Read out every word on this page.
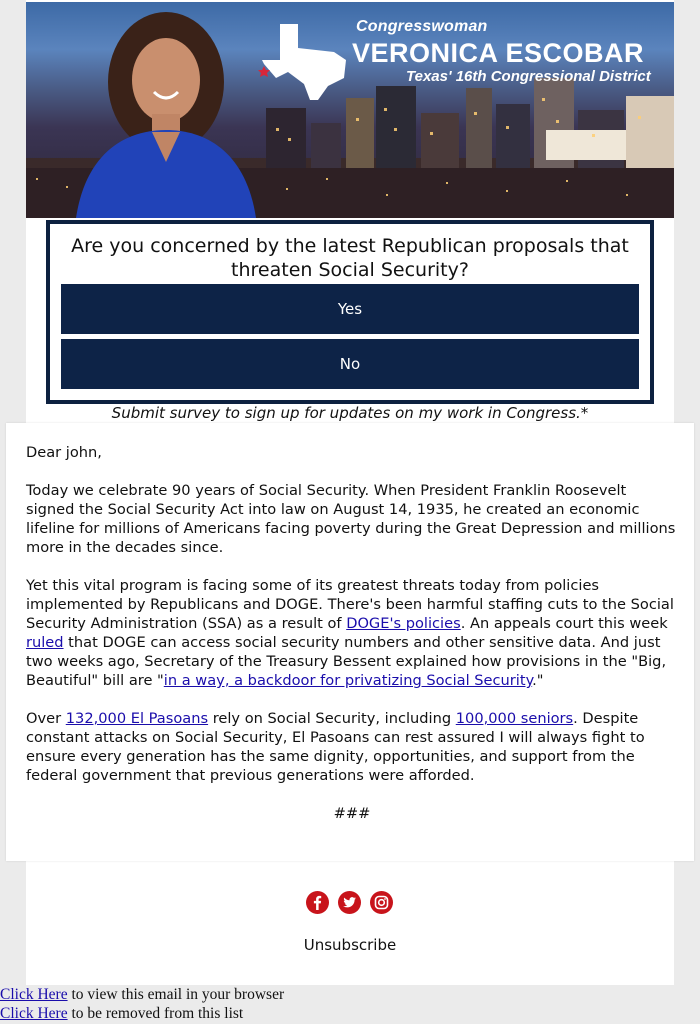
Congresswoman
VERONICA ESCOBAR
Texas' 16th Congressional District
Are you concerned by the latest Republican proposals that threaten Social Security?
Yes
No
Submit survey to sign up for updates on my work in Congress.*
Unsubscribe

Dear john,

Today we celebrate 90 years of Social Security. When President Franklin Roosevelt signed the Social Security Act into law on August 14, 1935, he created an economic lifeline for millions of Americans facing poverty during the Great Depression and millions more in the decades since.

Yet this vital program is facing some of its greatest threats today from policies implemented by Republicans and DOGE. There's been harmful staffing cuts to the Social Security Administration (SSA) as a result of DOGE's policies. An appeals court this week ruled that DOGE can access social security numbers and other sensitive data. And just two weeks ago, Secretary of the Treasury Bessent explained how provisions in the "Big, Beautiful" bill are "in a way, a backdoor for privatizing Social Security."

Over 132,000 El Pasoans rely on Social Security, including 100,000 seniors. Despite constant attacks on Social Security, El Pasoans can rest assured I will always fight to ensure every generation has the same dignity, opportunities, and support from the federal government that previous generations were afforded.

###

Click Here to view this email in your browser
Click Here to be removed from this list
